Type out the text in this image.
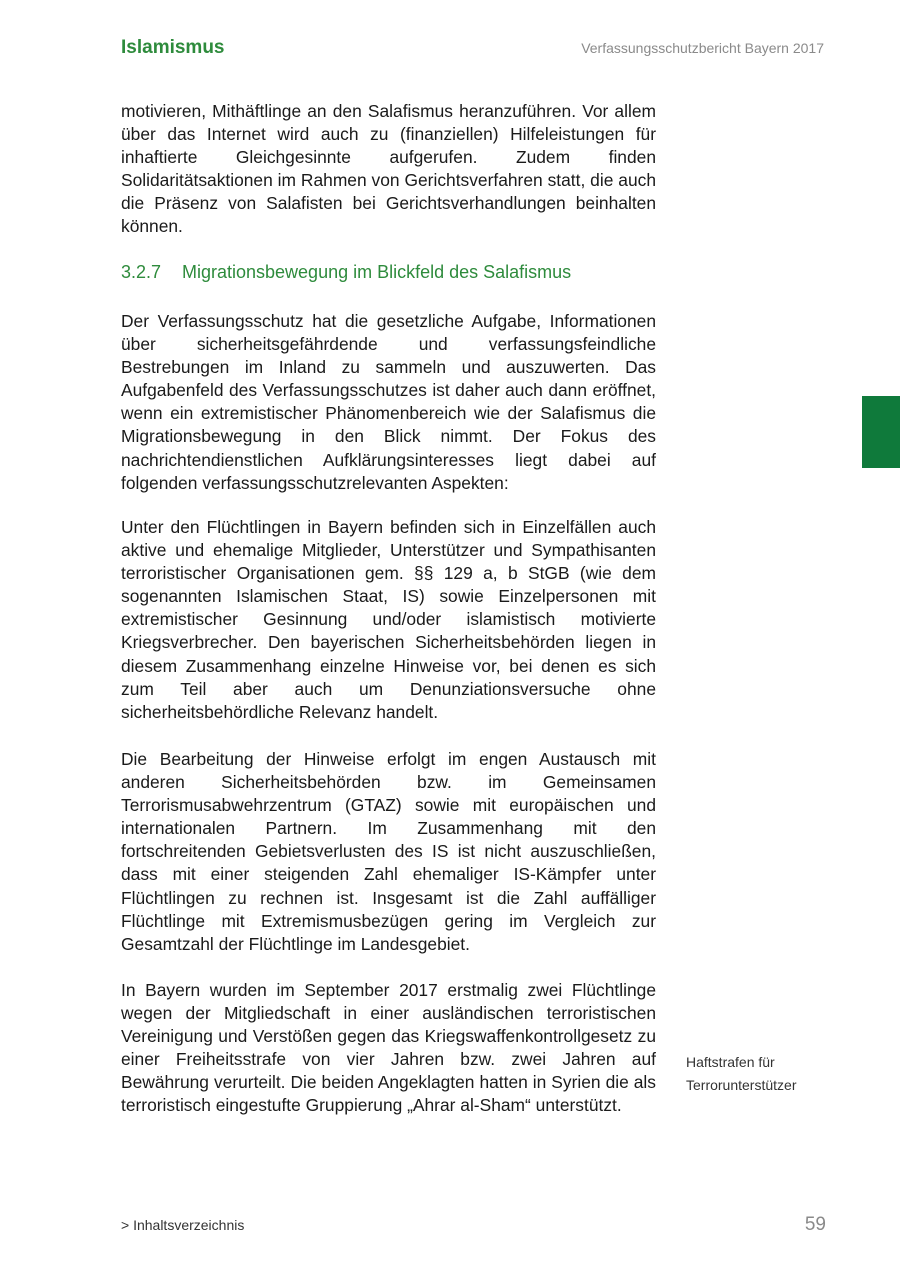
Islamismus	Verfassungsschutzbericht Bayern 2017

motivieren, Mithäftlinge an den Salafismus heranzuführen. Vor allem über das Internet wird auch zu (finanziellen) Hilfeleistungen für inhaftierte Gleichgesinnte aufgerufen. Zudem finden Solidaritätsaktionen im Rahmen von Gerichtsverfahren statt, die auch die Präsenz von Salafisten bei Gerichtsverhandlungen beinhalten können.

3.2.7 Migrationsbewegung im Blickfeld des Salafismus

Der Verfassungsschutz hat die gesetzliche Aufgabe, Informationen über sicherheitsgefährdende und verfassungsfeindliche Bestrebungen im Inland zu sammeln und auszuwerten. Das Aufgabenfeld des Verfassungsschutzes ist daher auch dann eröffnet, wenn ein extremistischer Phänomenbereich wie der Salafismus die Migrationsbewegung in den Blick nimmt. Der Fokus des nachrichtendienstlichen Aufklärungsinteresses liegt dabei auf folgenden verfassungsschutzrelevanten Aspekten:

Unter den Flüchtlingen in Bayern befinden sich in Einzelfällen auch aktive und ehemalige Mitglieder, Unterstützer und Sympathisanten terroristischer Organisationen gem. §§ 129 a, b StGB (wie dem sogenannten Islamischen Staat, IS) sowie Einzelpersonen mit extremistischer Gesinnung und/oder islamistisch motivierte Kriegsverbrecher. Den bayerischen Sicherheitsbehörden liegen in diesem Zusammenhang einzelne Hinweise vor, bei denen es sich zum Teil aber auch um Denunziationsversuche ohne sicherheitsbehördliche Relevanz handelt.

Die Bearbeitung der Hinweise erfolgt im engen Austausch mit anderen Sicherheitsbehörden bzw. im Gemeinsamen Terrorismusabwehrzentrum (GTAZ) sowie mit europäischen und internationalen Partnern. Im Zusammenhang mit den fortschreitenden Gebietsverlusten des IS ist nicht auszuschließen, dass mit einer steigenden Zahl ehemaliger IS-Kämpfer unter Flüchtlingen zu rechnen ist. Insgesamt ist die Zahl auffälliger Flüchtlinge mit Extremismusbezügen gering im Vergleich zur Gesamtzahl der Flüchtlinge im Landesgebiet.

In Bayern wurden im September 2017 erstmalig zwei Flüchtlinge wegen der Mitgliedschaft in einer ausländischen terroristischen Vereinigung und Verstößen gegen das Kriegswaffenkontrollgesetz zu einer Freiheitsstrafe von vier Jahren bzw. zwei Jahren auf Bewährung verurteilt. Die beiden Angeklagten hatten in Syrien die als terroristisch eingestufte Gruppierung „Ahrar al-Sham“ unterstützt.

Haftstrafen für Terrorunterstützer
> Inhaltsverzeichnis	59
